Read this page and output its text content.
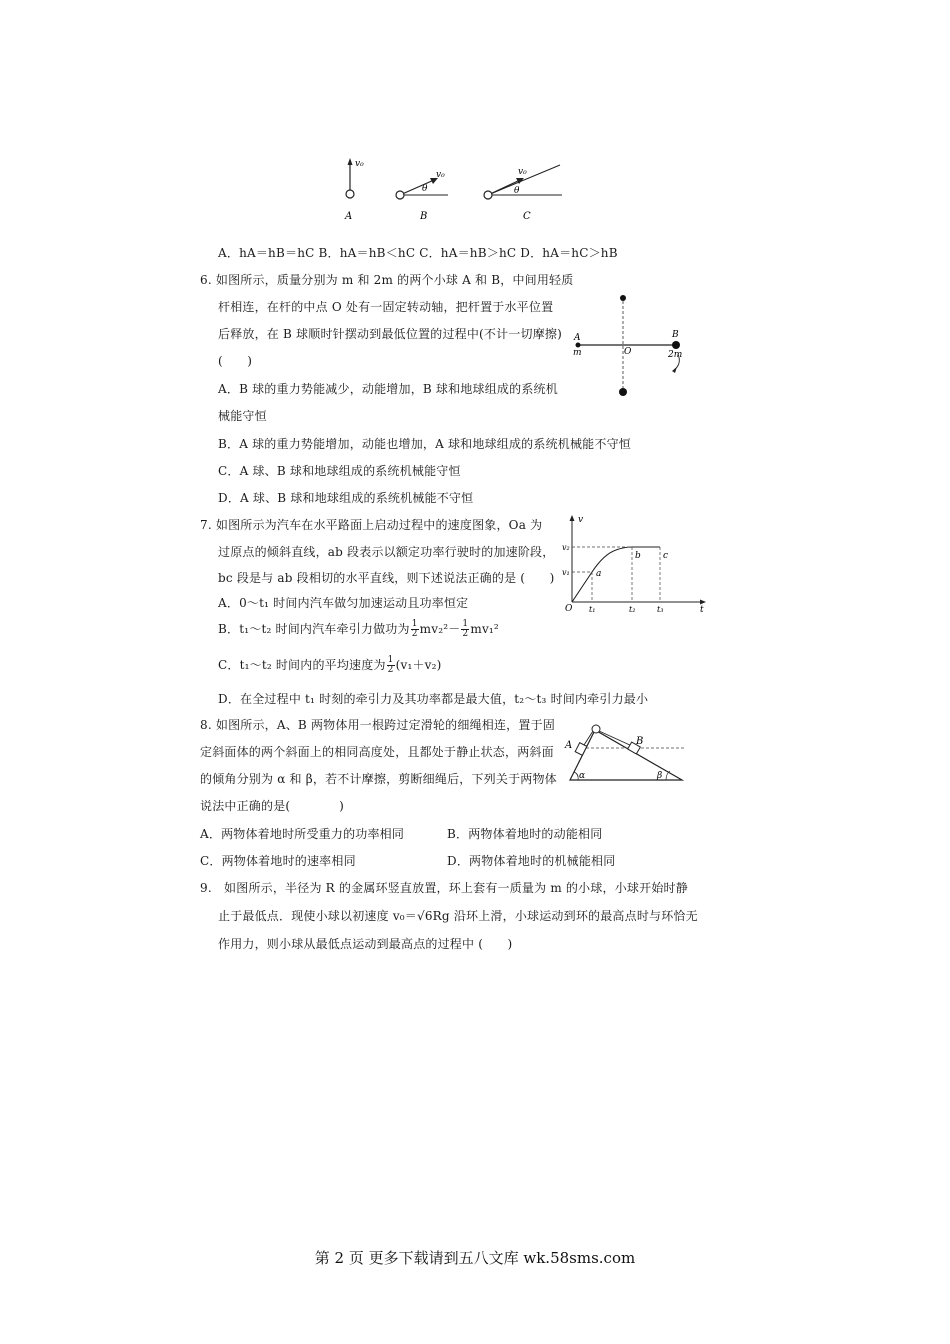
v₀
A
v₀
θ
B
v₀
θ
C
A．hA＝hB＝hC B．hA＝hB＜hC C．hA＝hB＞hC D．hA＝hC＞hB
6. 如图所示，质量分别为 m 和 2m 的两个小球 A 和 B，中间用轻质
杆相连，在杆的中点 O 处有一固定转动轴，把杆置于水平位置
后释放，在 B 球顺时针摆动到最低位置的过程中(不计一切摩擦)
(　　)
A．B 球的重力势能减少，动能增加，B 球和地球组成的系统机
械能守恒
B．A 球的重力势能增加，动能也增加，A 球和地球组成的系统机械能不守恒
C．A 球、B 球和地球组成的系统机械能守恒
D．A 球、B 球和地球组成的系统机械能不守恒
A	B
O
m	2m
7. 如图所示为汽车在水平路面上启动过程中的速度图象，Oa 为
过原点的倾斜直线，ab 段表示以额定功率行驶时的加速阶段，
bc 段是与 ab 段相切的水平直线，则下述说法正确的是 (　　)
A．0～t₁ 时间内汽车做匀加速运动且功率恒定
B．t₁～t₂ 时间内汽车牵引力做功为 $\frac{1}{2} mv_2^2- \frac{1}{2} mv_1^2$
C．t₁～t₂ 时间内的平均速度为 $\frac{1}{2} (v_1+v_2)$
D．在全过程中 t₁ 时刻的牵引力及其功率都是最大值，t₂～t₃ 时间内牵引力最小
v
t
O
v₂
v₁
t₁	t₂	t₃
a
b c
8. 如图所示，A、B 两物体用一根跨过定滑轮的细绳相连，置于固
定斜面体的两个斜面上的相同高度处，且都处于静止状态，两斜面
的倾角分别为 α 和 β，若不计摩擦，剪断细绳后，下列关于两物体
说法中正确的是(　　　　)
A．两物体着地时所受重力的功率相同	B．两物体着地时的动能相同
C．两物体着地时的速率相同	D．两物体着地时的机械能相同
A	B
α	β
9.　如图所示，半径为 R 的金属环竖直放置，环上套有一质量为 m 的小球，小球开始时静
止于最低点．现使小球以初速度 v₀＝√6Rg 沿环上滑，小球运动到环的最高点时与环恰无
作用力，则小球从最低点运动到最高点的过程中 (　　)
第 2 页 更多下载请到五八文库 wk.58sms.com
